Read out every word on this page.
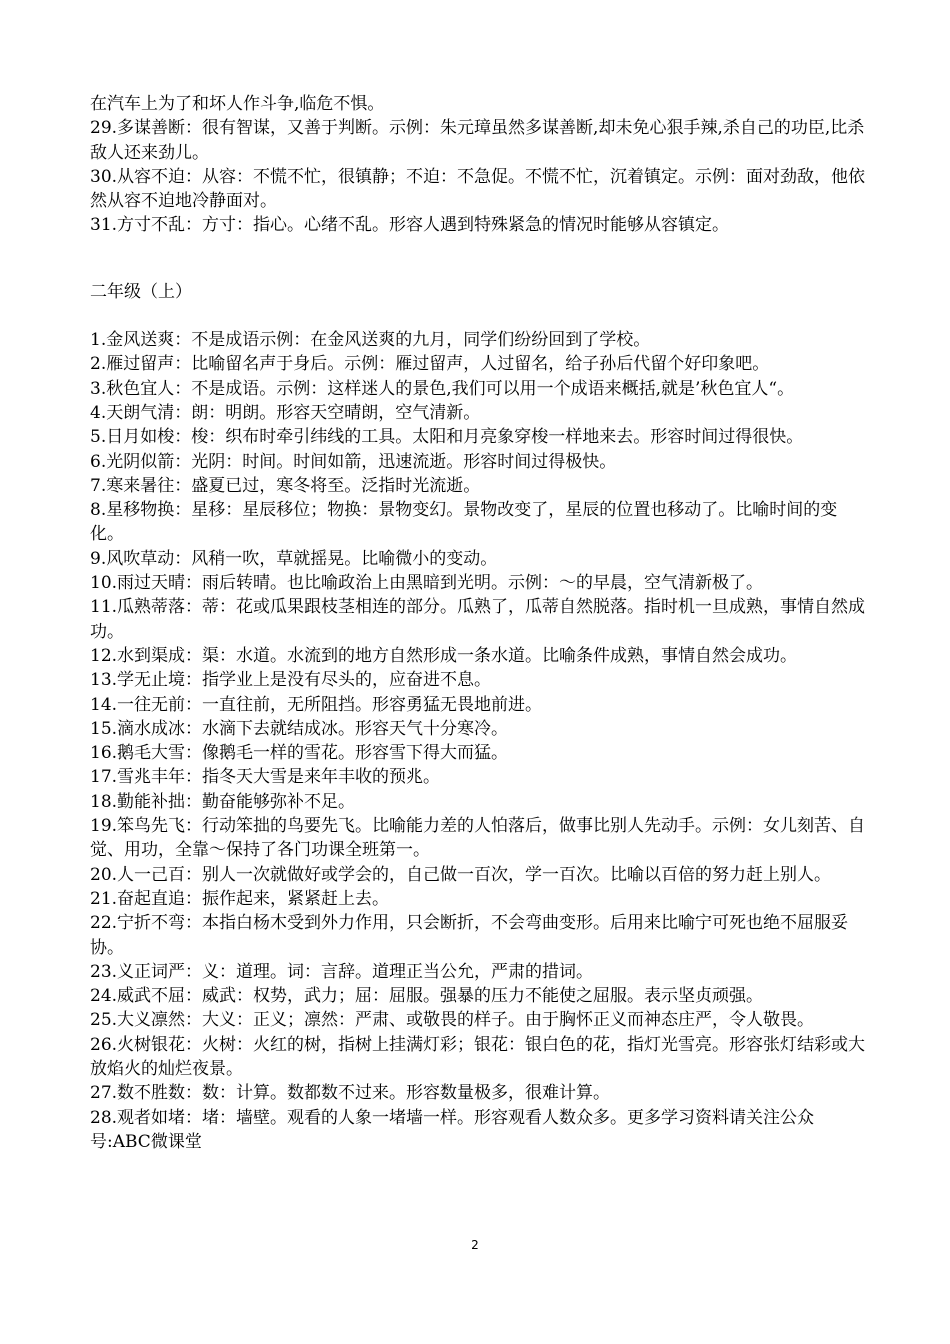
在汽车上为了和坏人作斗争,临危不惧。

29.多谋善断：很有智谋，又善于判断。示例：朱元璋虽然多谋善断,却未免心狠手辣,杀自己的功臣,比杀敌人还来劲儿。

30.从容不迫：从容：不慌不忙，很镇静；不迫：不急促。不慌不忙，沉着镇定。示例：面对劲敌，他依然从容不迫地冷静面对。

31.方寸不乱：方寸：指心。心绪不乱。形容人遇到特殊紧急的情况时能够从容镇定。

二年级（上）

1.金风送爽：不是成语示例：在金风送爽的九月，同学们纷纷回到了学校。

2.雁过留声：比喻留名声于身后。示例：雁过留声，人过留名，给子孙后代留个好印象吧。

3.秋色宜人：不是成语。示例：这样迷人的景色,我们可以用一个成语来概括,就是’秋色宜人“。

4.天朗气清：朗：明朗。形容天空晴朗，空气清新。

5.日月如梭：梭：织布时牵引纬线的工具。太阳和月亮象穿梭一样地来去。形容时间过得很快。

6.光阴似箭：光阴：时间。时间如箭，迅速流逝。形容时间过得极快。

7.寒来暑往：盛夏已过，寒冬将至。泛指时光流逝。

8.星移物换：星移：星辰移位；物换：景物变幻。景物改变了，星辰的位置也移动了。比喻时间的变化。

9.风吹草动：风稍一吹，草就摇晃。比喻微小的变动。

10.雨过天晴：雨后转晴。也比喻政治上由黑暗到光明。示例：～的早晨，空气清新极了。

11.瓜熟蒂落：蒂：花或瓜果跟枝茎相连的部分。瓜熟了，瓜蒂自然脱落。指时机一旦成熟，事情自然成功。

12.水到渠成：渠：水道。水流到的地方自然形成一条水道。比喻条件成熟，事情自然会成功。

13.学无止境：指学业上是没有尽头的，应奋进不息。

14.一往无前：一直往前，无所阻挡。形容勇猛无畏地前进。

15.滴水成冰：水滴下去就结成冰。形容天气十分寒冷。

16.鹅毛大雪：像鹅毛一样的雪花。形容雪下得大而猛。

17.雪兆丰年：指冬天大雪是来年丰收的预兆。

18.勤能补拙：勤奋能够弥补不足。

19.笨鸟先飞：行动笨拙的鸟要先飞。比喻能力差的人怕落后，做事比别人先动手。示例：女儿刻苦、自觉、用功，全靠～保持了各门功课全班第一。

20.人一己百：别人一次就做好或学会的，自己做一百次，学一百次。比喻以百倍的努力赶上别人。

21.奋起直追：振作起来，紧紧赶上去。

22.宁折不弯：本指白杨木受到外力作用，只会断折，不会弯曲变形。后用来比喻宁可死也绝不屈服妥协。

23.义正词严：义：道理。词：言辞。道理正当公允，严肃的措词。

24.威武不屈：威武：权势，武力；屈：屈服。强暴的压力不能使之屈服。表示坚贞顽强。

25.大义凛然：大义：正义；凛然：严肃、或敬畏的样子。由于胸怀正义而神态庄严，令人敬畏。

26.火树银花：火树：火红的树，指树上挂满灯彩；银花：银白色的花，指灯光雪亮。形容张灯结彩或大放焰火的灿烂夜景。

27.数不胜数：数：计算。数都数不过来。形容数量极多，很难计算。

28.观者如堵：堵：墙壁。观看的人象一堵墙一样。形容观看人数众多。更多学习资料请关注公众号:ABC微课堂

2
